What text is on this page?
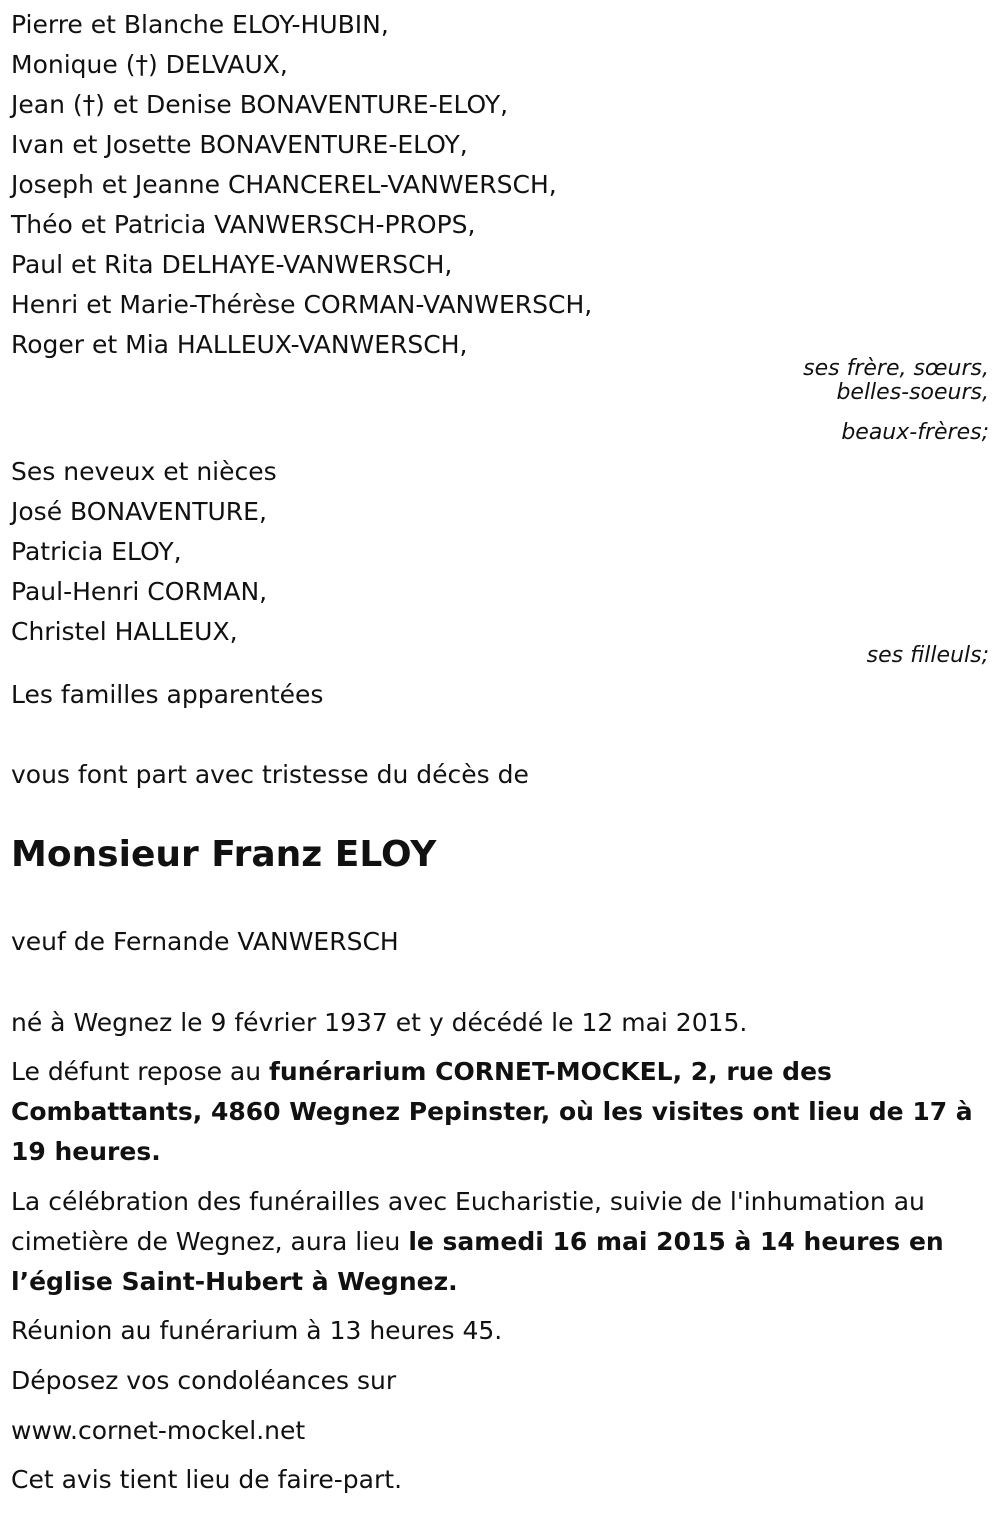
Pierre et Blanche ELOY-HUBIN,
Monique (†) DELVAUX,
Jean (†) et Denise BONAVENTURE-ELOY,
Ivan et Josette BONAVENTURE-ELOY,
Joseph et Jeanne CHANCEREL-VANWERSCH,
Théo et Patricia VANWERSCH-PROPS,
Paul et Rita DELHAYE-VANWERSCH,
Henri et Marie-Thérèse CORMAN-VANWERSCH,
Roger et Mia HALLEUX-VANWERSCH,
ses frère, sœurs,
belles-soeurs,
beaux-frères;
Ses neveux et nièces
José BONAVENTURE,
Patricia ELOY,
Paul-Henri CORMAN,
Christel HALLEUX,
ses filleuls;
Les familles apparentées
vous font part avec tristesse du décès de
Monsieur Franz ELOY
veuf de Fernande VANWERSCH
né à Wegnez le 9 février 1937 et y décédé le 12 mai 2015.
Le défunt repose au funérarium CORNET-MOCKEL, 2, rue des Combattants, 4860 Wegnez Pepinster, où les visites ont lieu de 17 à 19 heures.
La célébration des funérailles avec Eucharistie, suivie de l'inhumation au cimetière de Wegnez, aura lieu le samedi 16 mai 2015 à 14 heures en l’église Saint-Hubert à Wegnez.
Réunion au funérarium à 13 heures 45.
Déposez vos condoléances sur
www.cornet-mockel.net
Cet avis tient lieu de faire-part.
